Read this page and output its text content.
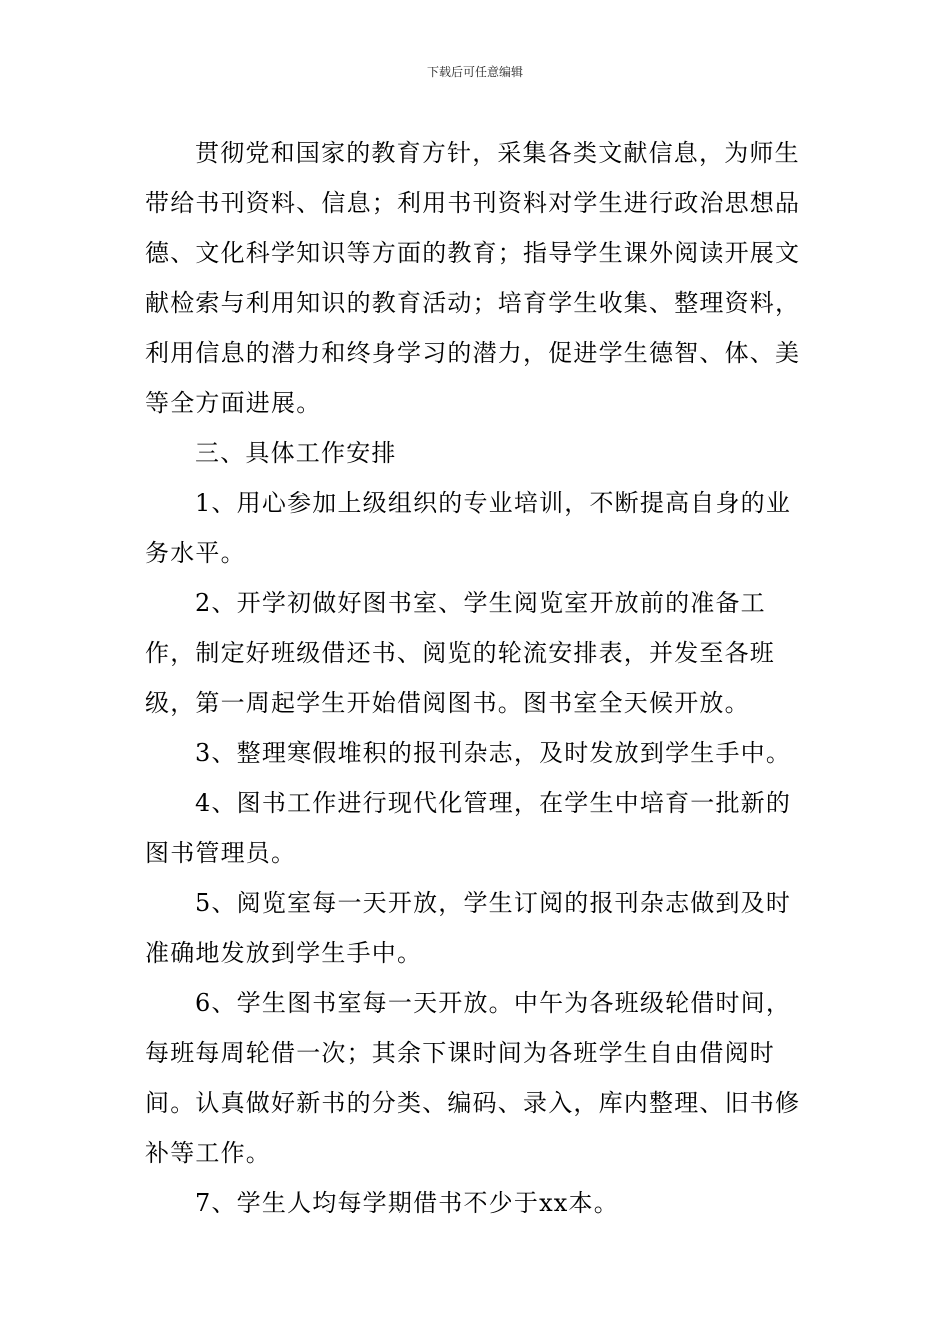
下载后可任意编辑

贯彻党和国家的教育方针，采集各类文献信息，为师生带给书刊资料、信息；利用书刊资料对学生进行政治思想品德、文化科学知识等方面的教育；指导学生课外阅读开展文献检索与利用知识的教育活动；培育学生收集、整理资料，利用信息的潜力和终身学习的潜力，促进学生德智、体、美等全方面进展。

三、具体工作安排

1、用心参加上级组织的专业培训，不断提高自身的业务水平。

2、开学初做好图书室、学生阅览室开放前的准备工作，制定好班级借还书、阅览的轮流安排表，并发至各班级，第一周起学生开始借阅图书。图书室全天候开放。

3、整理寒假堆积的报刊杂志，及时发放到学生手中。

4、图书工作进行现代化管理，在学生中培育一批新的图书管理员。

5、阅览室每一天开放，学生订阅的报刊杂志做到及时准确地发放到学生手中。

6、学生图书室每一天开放。中午为各班级轮借时间，每班每周轮借一次；其余下课时间为各班学生自由借阅时间。认真做好新书的分类、编码、录入，库内整理、旧书修补等工作。

7、学生人均每学期借书不少于xx本。
